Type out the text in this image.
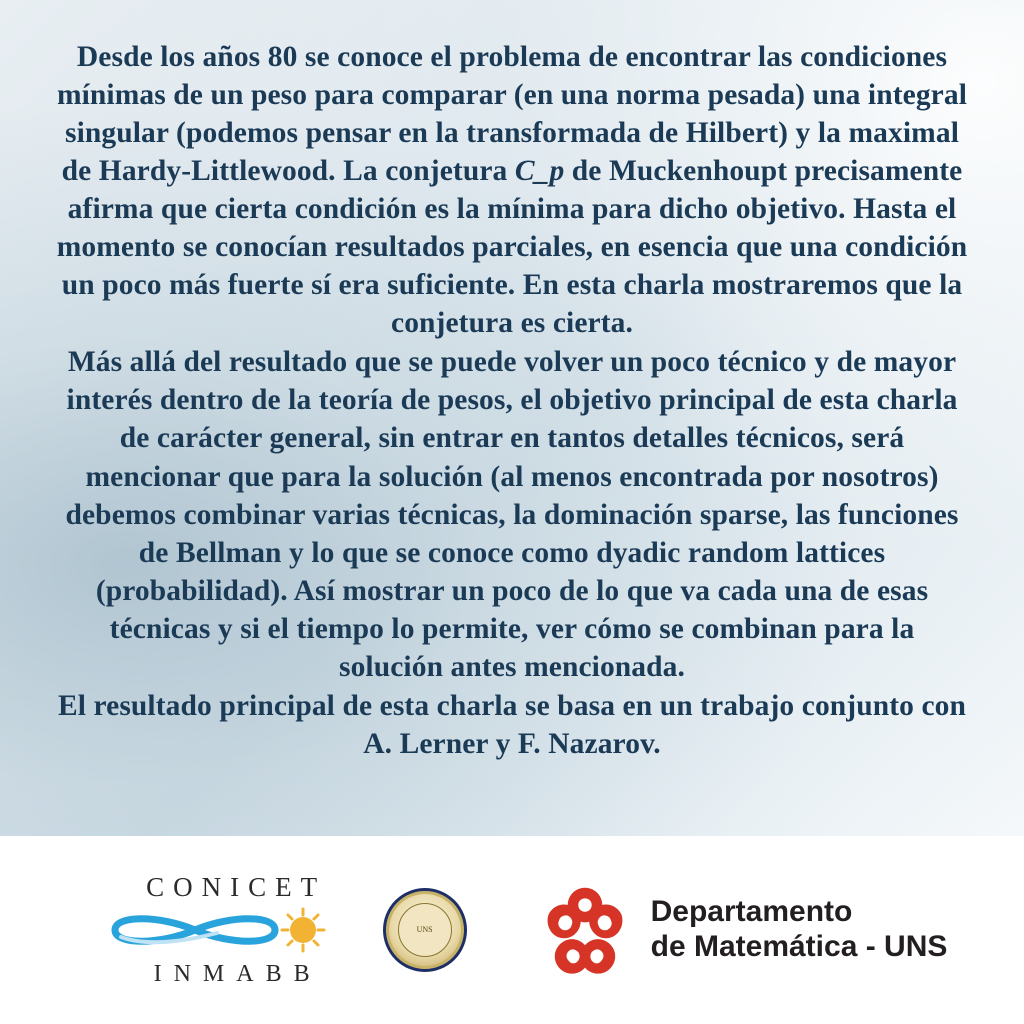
Desde los años 80 se conoce el problema de encontrar las condiciones mínimas de un peso para comparar (en una norma pesada) una integral singular (podemos pensar en la transformada de Hilbert) y la maximal de Hardy-Littlewood. La conjetura C_p de Muckenhoupt precisamente afirma que cierta condición es la mínima para dicho objetivo. Hasta el momento se conocían resultados parciales, en esencia que una condición un poco más fuerte sí era suficiente. En esta charla mostraremos que la conjetura es cierta.

Más allá del resultado que se puede volver un poco técnico y de mayor interés dentro de la teoría de pesos, el objetivo principal de esta charla de carácter general, sin entrar en tantos detalles técnicos, será mencionar que para la solución (al menos encontrada por nosotros) debemos combinar varias técnicas, la dominación sparse, las funciones de Bellman y lo que se conoce como dyadic random lattices (probabilidad). Así mostrar un poco de lo que va cada una de esas técnicas y si el tiempo lo permite, ver cómo se combinan para la solución antes mencionada.

El resultado principal de esta charla se basa en un trabajo conjunto con A. Lerner y F. Nazarov.

CONICET
INMABB
UNS
Departamento
de Matemática - UNS
